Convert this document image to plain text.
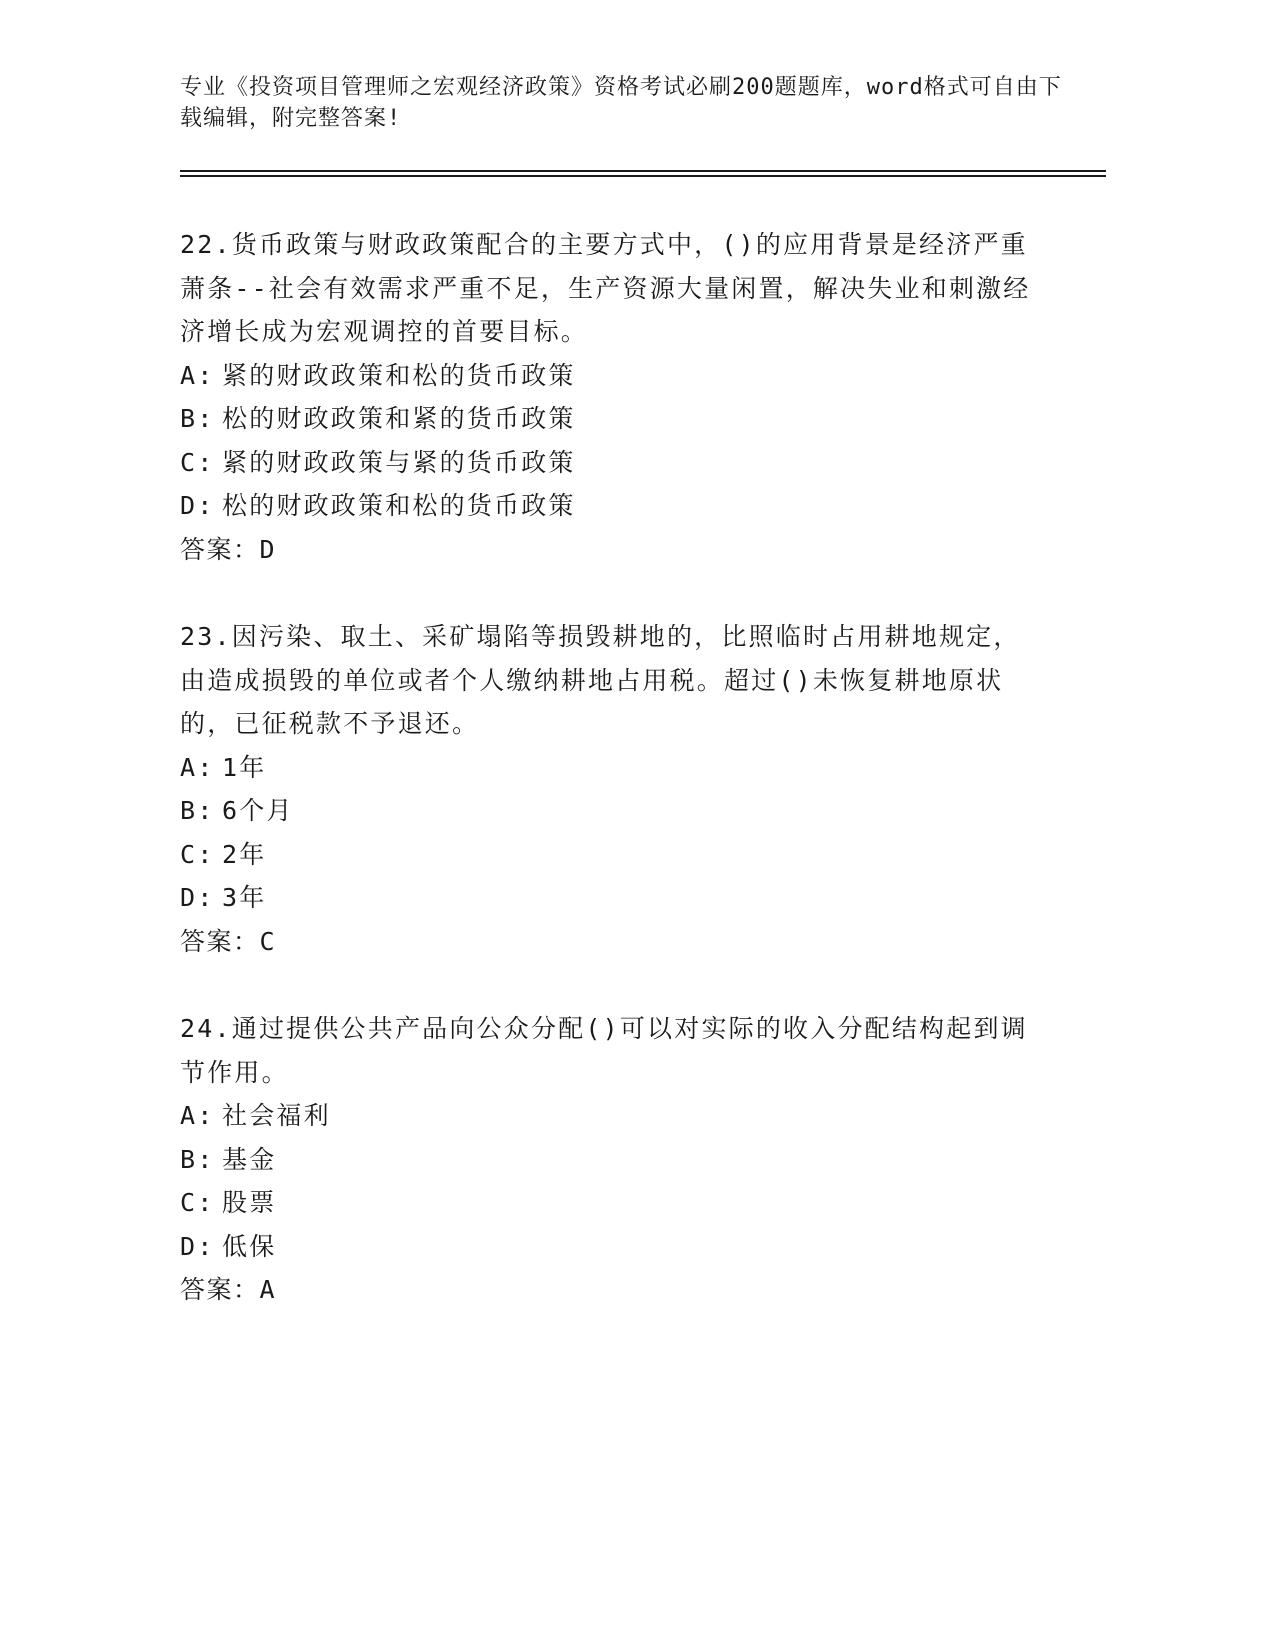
专业《投资项目管理师之宏观经济政策》资格考试必刷200题题库，word格式可自由下载编辑，附完整答案!

22.货币政策与财政政策配合的主要方式中，()的应用背景是经济严重萧条--社会有效需求严重不足，生产资源大量闲置，解决失业和刺激经济增长成为宏观调控的首要目标。

A: 紧的财政政策和松的货币政策

B: 松的财政政策和紧的货币政策

C: 紧的财政政策与紧的货币政策

D: 松的财政政策和松的货币政策

答案：D

23.因污染、取土、采矿塌陷等损毁耕地的，比照临时占用耕地规定，由造成损毁的单位或者个人缴纳耕地占用税。超过()未恢复耕地原状的，已征税款不予退还。

A: 1年

B: 6个月

C: 2年

D: 3年

答案：C

24.通过提供公共产品向公众分配()可以对实际的收入分配结构起到调节作用。

A: 社会福利

B: 基金

C: 股票

D: 低保

答案：A
